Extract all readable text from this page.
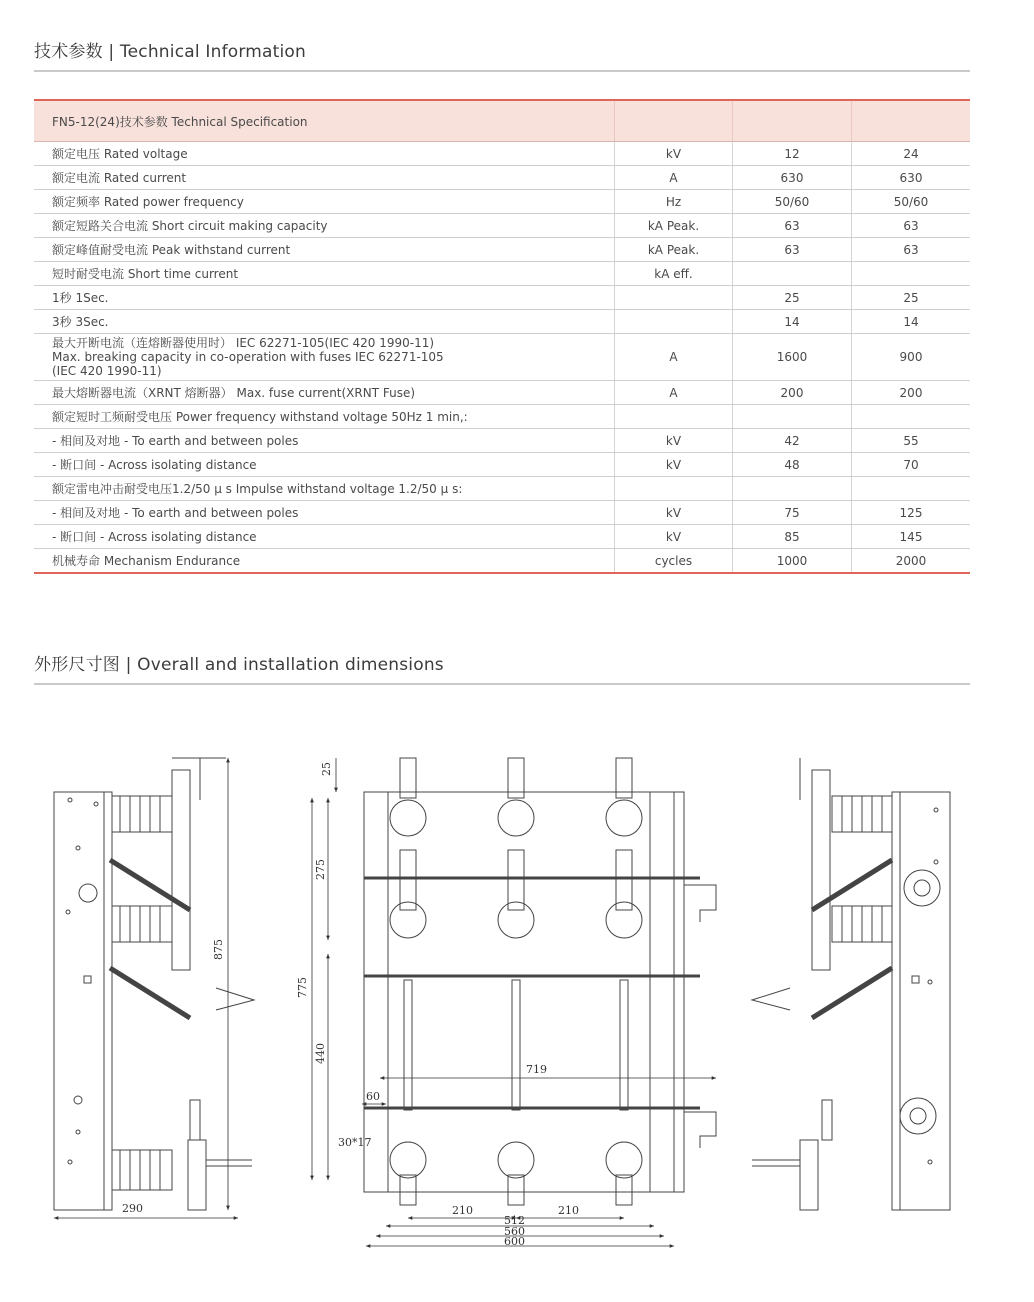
技术参数 | Technical Information
FN5-12(24)技术参数 Technical Specification			
额定电压 Rated voltage	kV	12	24
额定电流 Rated current	A	630	630
额定频率 Rated power frequency	Hz	50/60	50/60
额定短路关合电流 Short circuit making capacity	kA Peak.	63	63
额定峰值耐受电流 Peak withstand current	kA Peak.	63	63
短时耐受电流 Short time current	kA eff.		
1秒 1Sec.		25	25
3秒 3Sec.		14	14

最大开断电流（连熔断器使用时） IEC 62271-105(IEC 420 1990-11)
Max. breaking capacity in co-operation with fuses IEC 62271-105
(IEC 420 1990-11)	A	1600	900
最大熔断器电流（XRNT 熔断器） Max. fuse current(XRNT Fuse)	A	200	200
额定短时工频耐受电压 Power frequency withstand voltage 50Hz 1 min,:			
- 相间及对地 - To earth and between poles	kV	42	55
- 断口间 - Across isolating distance	kV	48	70
额定雷电冲击耐受电压1.2/50 μ s Impulse withstand voltage 1.2/50 μ s:			
- 相间及对地 - To earth and between poles	kV	75	125
- 断口间 - Across isolating distance	kV	85	145
机械寿命 Mechanism Endurance	cycles	1000	2000
外形尺寸图 | Overall and installation dimensions
875
290
25
275
775
440
719
60
30*17
210	210
512
560
600
